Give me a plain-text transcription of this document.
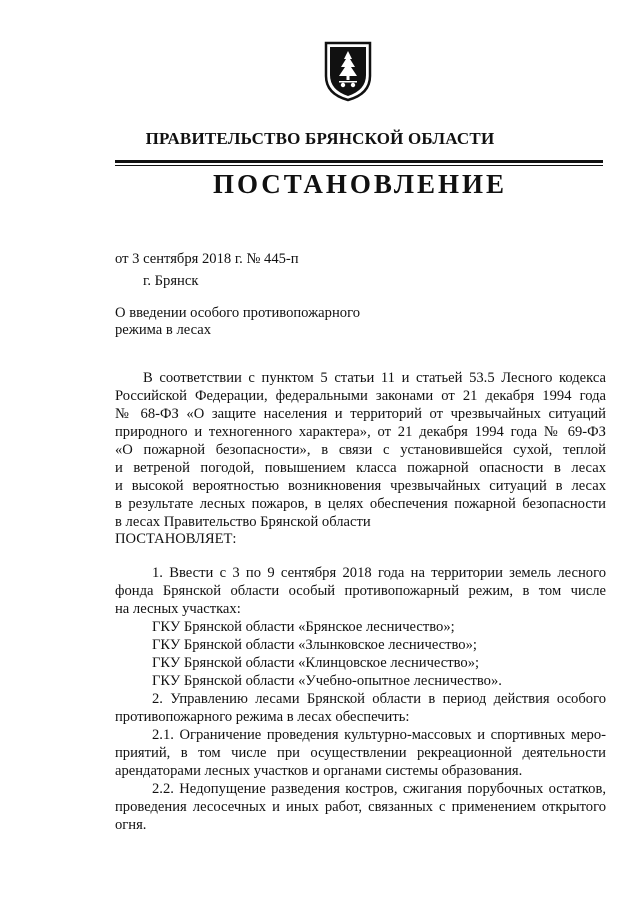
ПРАВИТЕЛЬСТВО БРЯНСКОЙ ОБЛАСТИ
ПОСТАНОВЛЕНИЕ
от 3 сентября 2018 г. № 445-п
г. Брянск
О введении особого противопожарного
режима в лесах
В соответствии с пунктом 5 статьи 11 и статьей 53.5 Лесного кодекса
Российской Федерации, федеральными законами от 21 декабря 1994 года
№ 68-ФЗ «О защите населения и территорий от чрезвычайных ситуаций
природного и техногенного характера», от 21 декабря 1994 года № 69-ФЗ
«О пожарной безопасности», в связи с установившейся сухой, теплой
и ветреной погодой, повышением класса пожарной опасности в лесах
и высокой вероятностью возникновения чрезвычайных ситуаций в лесах
в результате лесных пожаров, в целях обеспечения пожарной безопасности
в лесах Правительство Брянской области
ПОСТАНОВЛЯЕТ:
1. Ввести с 3 по 9 сентября 2018 года на территории земель лесного
фонда Брянской области особый противопожарный режим, в том числе
на лесных участках:
ГКУ Брянской области «Брянское лесничество»;
ГКУ Брянской области «Злынковское лесничество»;
ГКУ Брянской области «Клинцовское лесничество»;
ГКУ Брянской области «Учебно-опытное лесничество».
2. Управлению лесами Брянской области в период действия особого
противопожарного режима в лесах обеспечить:
2.1. Ограничение проведения культурно-массовых и спортивных меро-
приятий, в том числе при осуществлении рекреационной деятельности
арендаторами лесных участков и органами системы образования.
2.2. Недопущение разведения костров, сжигания порубочных остатков,
проведения лесосечных и иных работ, связанных с применением открытого
огня.
